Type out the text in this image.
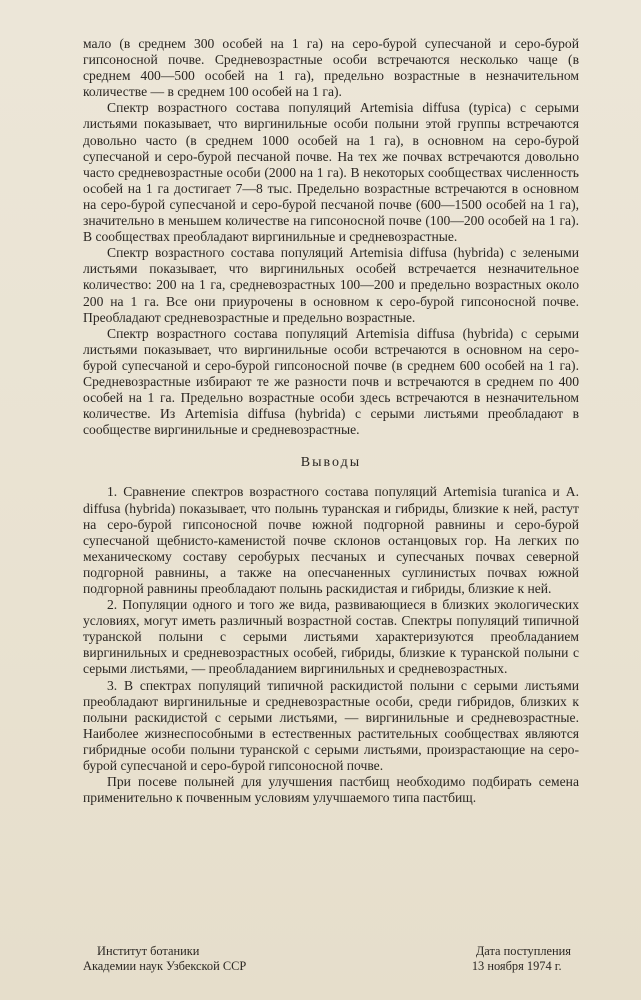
мало (в среднем 300 особей на 1 га) на серо-бурой супесчаной и серо-бурой гипсоносной почве. Средневозрастные особи встречаются несколько чаще (в среднем 400—500 особей на 1 га), предельно возрастные в незначительном количестве — в среднем 100 особей на 1 га).

Спектр возрастного состава популяций Artemisia diffusa (typica) с серыми листьями показывает, что виргинильные особи полыни этой группы встречаются довольно часто (в среднем 1000 особей на 1 га), в основном на серо-бурой супесчаной и серо-бурой песчаной почве. На тех же почвах встречаются довольно часто средневозрастные особи (2000 на 1 га). В некоторых сообществах численность особей на 1 га достигает 7—8 тыс. Предельно возрастные встречаются в основном на серо-бурой супесчаной и серо-бурой песчаной почве (600—1500 особей на 1 га), значительно в меньшем количестве на гипсоносной почве (100—200 особей на 1 га). В сообществах преобладают виргинильные и средневозрастные.

Спектр возрастного состава популяций Artemisia diffusa (hybrida) с зелеными листьями показывает, что виргинильных особей встречается незначительное количество: 200 на 1 га, средневозрастных 100—200 и предельно возрастных около 200 на 1 га. Все они приурочены в основном к серо-бурой гипсоносной почве. Преобладают средневозрастные и предельно возрастные.

Спектр возрастного состава популяций Artemisia diffusa (hybrida) с серыми листьями показывает, что виргинильные особи встречаются в основном на серо-бурой супесчаной и серо-бурой гипсоносной почве (в среднем 600 особей на 1 га). Средневозрастные избирают те же разности почв и встречаются в среднем по 400 особей на 1 га. Предельно возрастные особи здесь встречаются в незначительном количестве. Из Artemisia diffusa (hybrida) с серыми листьями преобладают в сообществе виргинильные и средневозрастные.

Выводы

1. Сравнение спектров возрастного состава популяций Artemisia turanica и A. diffusa (hybrida) показывает, что полынь туранская и гибриды, близкие к ней, растут на серо-бурой гипсоносной почве южной подгорной равнины и серо-бурой супесчаной щебнисто-каменистой почве склонов останцовых гор. На легких по механическому составу серобурых песчаных и супесчаных почвах северной подгорной равнины, а также на опесчаненных суглинистых почвах южной подгорной равнины преобладают полынь раскидистая и гибриды, близкие к ней.

2. Популяции одного и того же вида, развивающиеся в близких экологических условиях, могут иметь различный возрастной состав. Спектры популяций типичной туранской полыни с серыми листьями характеризуются преобладанием виргинильных и средневозрастных особей, гибриды, близкие к туранской полыни с серыми листьями, — преобладанием виргинильных и средневозрастных.

3. В спектрах популяций типичной раскидистой полыни с серыми листьями преобладают виргинильные и средневозрастные особи, среди гибридов, близких к полыни раскидистой с серыми листьями, — виргинильные и средневозрастные. Наиболее жизнеспособными в естественных растительных сообществах являются гибридные особи полыни туранской с серыми листьями, произрастающие на серо-бурой супесчаной и серо-бурой гипсоносной почве.

При посеве полыней для улучшения пастбищ необходимо подбирать семена применительно к почвенным условиям улучшаемого типа пастбищ.

Институт ботаники
Академии наук Узбекской ССР
Дата поступления
13 ноября 1974 г.
